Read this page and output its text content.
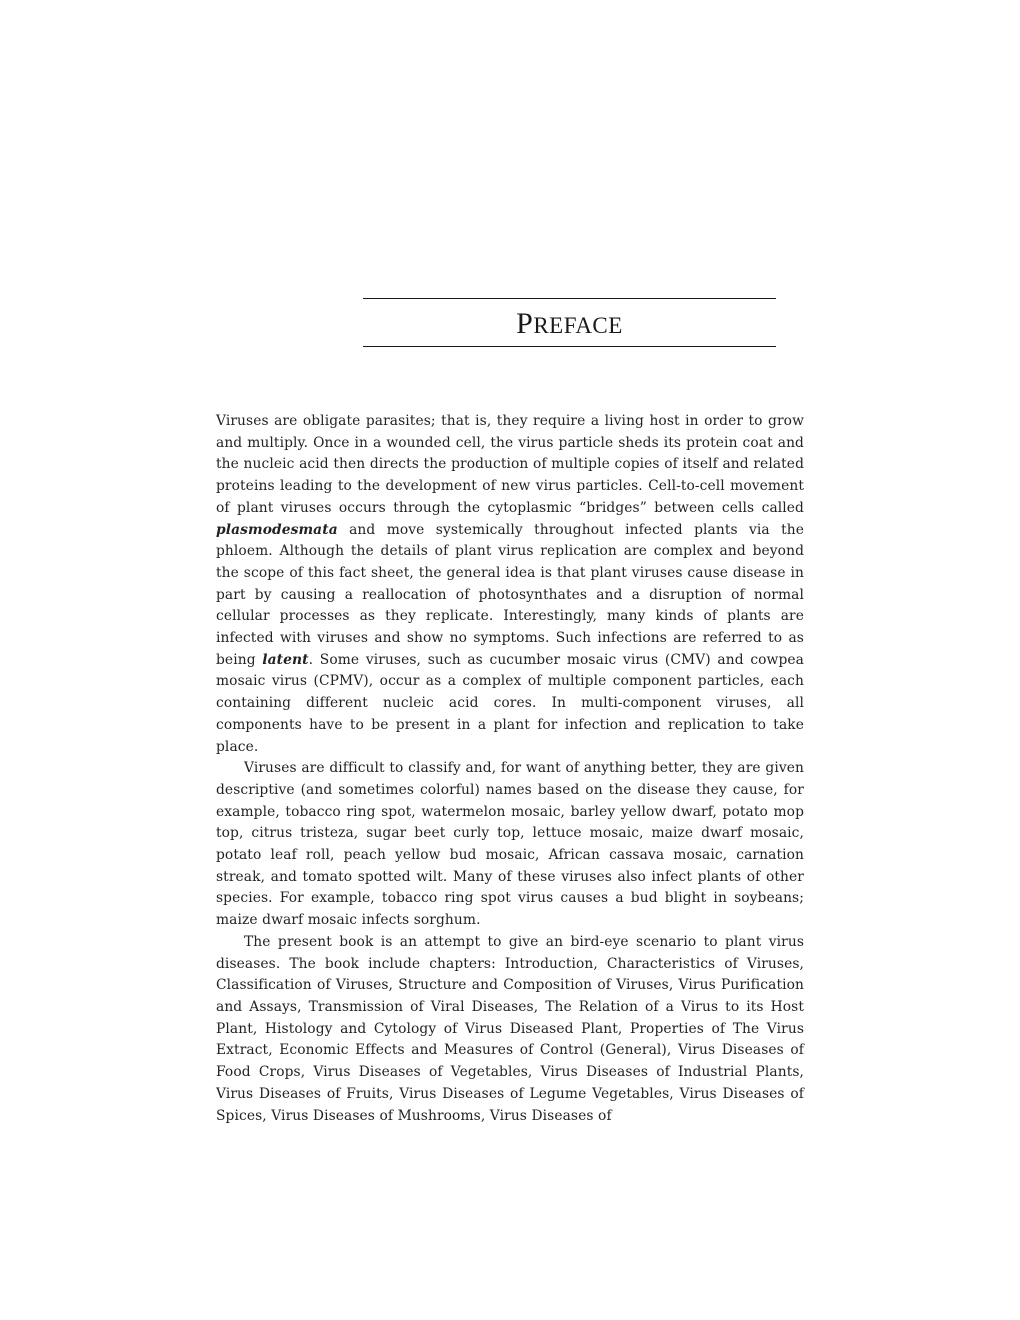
PREFACE

Viruses are obligate parasites; that is, they require a living host in order to grow and multiply. Once in a wounded cell, the virus particle sheds its protein coat and the nucleic acid then directs the production of multiple copies of itself and related proteins leading to the development of new virus particles. Cell-to-cell movement of plant viruses occurs through the cytoplasmic “bridges” between cells called plasmodesmata and move systemically throughout infected plants via the phloem. Although the details of plant virus replication are complex and beyond the scope of this fact sheet, the general idea is that plant viruses cause disease in part by causing a reallocation of photosynthates and a disruption of normal cellular processes as they replicate. Interestingly, many kinds of plants are infected with viruses and show no symptoms. Such infections are referred to as being latent. Some viruses, such as cucumber mosaic virus (CMV) and cowpea mosaic virus (CPMV), occur as a complex of multiple component particles, each containing different nucleic acid cores. In multi-component viruses, all components have to be present in a plant for infection and replication to take place.

Viruses are difficult to classify and, for want of anything better, they are given descriptive (and sometimes colorful) names based on the disease they cause, for example, tobacco ring spot, watermelon mosaic, barley yellow dwarf, potato mop top, citrus tristeza, sugar beet curly top, lettuce mosaic, maize dwarf mosaic, potato leaf roll, peach yellow bud mosaic, African cassava mosaic, carnation streak, and tomato spotted wilt. Many of these viruses also infect plants of other species. For example, tobacco ring spot virus causes a bud blight in soybeans; maize dwarf mosaic infects sorghum.

The present book is an attempt to give an bird-eye scenario to plant virus diseases. The book include chapters: Introduction, Characteristics of Viruses, Classification of Viruses, Structure and Composition of Viruses, Virus Purification and Assays, Transmission of Viral Diseases, The Relation of a Virus to its Host Plant, Histology and Cytology of Virus Diseased Plant, Properties of The Virus Extract, Economic Effects and Measures of Control (General), Virus Diseases of Food Crops, Virus Diseases of Vegetables, Virus Diseases of Industrial Plants, Virus Diseases of Fruits, Virus Diseases of Legume Vegetables, Virus Diseases of Spices, Virus Diseases of Mushrooms, Virus Diseases of
